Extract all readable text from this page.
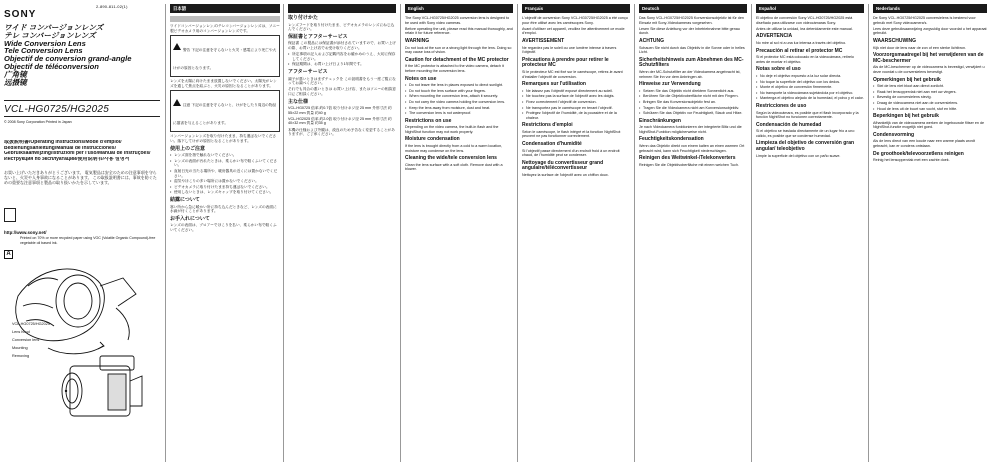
2-890-811-02(1)
SONY
ワイド コンバージョンレンズ
テレ コンバージョンレンズ
Wide Conversion Lens
Tele Conversion Lens
Objectif de conversion grand-angle
Objectif de téléconversion
广角镜
远摄镜
VCL-HG0725/HG2025
© 2008 Sony Corporation Printed in Japan
取扱説明書/Operating Instructions/Mode d'emploi/
Bedienungsanleitung/Manual de instrucciones/
Gebruiksaanwijzing/Istruzioni per l'uso/Manual de instruções/
Инструкция по эксплуатации/使用说明书/사용 설명서
お買い上げいただきありがとうございます。 電気製品は安全のための注意事項を守らないと、火災や人身事故になることがあります。 この取扱説明書には、事故を防ぐための重要な注意事項と製品の取り扱いかたを示しています。
http://www.sony.net/
Printed on 70% or more recycled paper using VOC (Volatile Organic Compound)-free vegetable oil based ink.
A
VCL-HG0725/HG2025
Lens hood
Conversion lens
Mounting
Removing
日本語

ワイドコンバージョンレンズ/テレコンバージョンレンズは、ソニー製ビデオカメラ用のコンバージョンレンズです。

警告 下記の注意を守らないと火災・感電により死亡や大けがの原因となります。

レンズを太陽に向けたまま放置しないでください。太陽光がレンズを通して焦点を結ぶと、火災の原因となることがあります。

注意 下記の注意を守らないと、けがをしたり周辺の物品に損害を与えることがあります。

コンバージョンレンズを取り付けたまま、持ち運ばないでください。落下してけがの原因となることがあります。

使用上のご注意
• レンズ面を指で触れないでください。
• レンズの表面が汚れたときは、柔らかい布で軽くふいてください。
• 直射日光の当たる場所や、暖房器具の近くには置かないでください。
• 湿気やほこりの多い場所には置かないでください。
• ビデオカメラに取り付けたまま持ち運ばないでください。
• 使用しないときは、レンズキャップを取り付けてください。
結露について

寒い所から急に暖かい所に持ち込んだときなど、レンズの表面に水滴が付くことがあります。

お手入れについて

レンズの表面は、ブロアーでほこりを払い、柔らかい布で軽くふいてください。

取り付けかた

レンズフードを取り付けたまま、ビデオカメラのレンズにねじ込んでください。

保証書とアフターサービス

保証書 この製品には保証書が添付されていますので、お買い上げの際、お買い上げ店でお受け取りください。

• 所定事項の記入および記載内容をお確かめのうえ、大切に保存してください。
• 保証期間は、お買い上げ日より1年間です。
アフターサービス

調子が悪いときはまずチェックを この説明書をもう一度ご覧になってお調べください。

それでも具合の悪いときは お買い上げ店、またはソニーの相談窓口にご相談ください。

主な仕様

VCL-HG0725 倍率 約0.7倍 取り付けネジ径 25 mm 外形寸法 約55×22 mm 質量 約40 g

VCL-HG2025 倍率 約2.0倍 取り付けネジ径 25 mm 外形寸法 約40×32 mm 質量 約35 g

本機の仕様および外観は、改良のため予告なく変更することがありますが、ご了承ください。

English

The Sony VCL-HG0725/HG2025 conversion lens is designed to be used with Sony video cameras.

Before operating the unit, please read this manual thoroughly, and retain it for future reference.

WARNING

Do not look at the sun or a strong light through the lens. Doing so may cause loss of vision.

Caution for detachment of the MC protector

If the MC protector is attached to the video camera, detach it before mounting the conversion lens.

Notes on use
• Do not leave the lens in places exposed to direct sunlight.
• Do not touch the lens surface with your fingers.
• When mounting the conversion lens, attach it securely.
• Do not carry the video camera holding the conversion lens.
• Keep the lens away from moisture, dust and heat.
• The conversion lens is not waterproof.
Restrictions on use

Depending on the video camera, the built-in flash and the NightShot function may not work properly.

Moisture condensation

If the lens is brought directly from a cold to a warm location, moisture may condense on the lens.

Cleaning the wide/tele conversion lens

Clean the lens surface with a soft cloth. Remove dust with a blower.

Français

L'objectif de conversion Sony VCL-HG0725/HG2025 a été conçu pour être utilisé avec les caméscopes Sony.

Avant d'utiliser cet appareil, veuillez lire attentivement ce mode d'emploi.

AVERTISSEMENT

Ne regardez pas le soleil ou une lumière intense à travers l'objectif.

Précautions à prendre pour retirer le protecteur MC

Si le protecteur MC est fixé sur le caméscope, retirez-le avant d'installer l'objectif de conversion.

Remarques sur l'utilisation
• Ne laissez pas l'objectif exposé directement au soleil.
• Ne touchez pas la surface de l'objectif avec les doigts.
• Fixez correctement l'objectif de conversion.
• Ne transportez pas le caméscope en tenant l'objectif.
• Protégez l'objectif de l'humidité, de la poussière et de la chaleur.
Restrictions d'emploi

Selon le caméscope, le flash intégré et la fonction NightShot peuvent ne pas fonctionner correctement.

Condensation d'humidité

Si l'objectif passe directement d'un endroit froid à un endroit chaud, de l'humidité peut se condenser.

Nettoyage du convertisseur grand angulaire/téléconvertisseur

Nettoyez la surface de l'objectif avec un chiffon doux.

Deutsch

Das Sony VCL-HG0725/HG2025 Konversionsobjektiv ist für den Einsatz mit Sony-Videokameras vorgesehen.

Lesen Sie diese Anleitung vor der Inbetriebnahme bitte genau durch.

ACHTUNG

Schauen Sie nicht durch das Objektiv in die Sonne oder in helles Licht.

Sicherheitshinweis zum Abnehmen des MC-Schutzfilters

Wenn der MC-Schutzfilter an der Videokamera angebracht ist, nehmen Sie ihn vor dem Anbringen ab.

Hinweise zur Verwendung
• Setzen Sie das Objektiv nicht direktem Sonnenlicht aus.
• Berühren Sie die Objektivoberfläche nicht mit den Fingern.
• Bringen Sie das Konversionsobjektiv fest an.
• Tragen Sie die Videokamera nicht am Konversionsobjektiv.
• Schützen Sie das Objektiv vor Feuchtigkeit, Staub und Hitze.
Einschränkungen

Je nach Videokamera funktionieren der integrierte Blitz und die NightShot-Funktion möglicherweise nicht.

Feuchtigkeitskondensation

Wenn das Objektiv direkt von einem kalten an einen warmen Ort gebracht wird, kann sich Feuchtigkeit niederschlagen.

Reinigen des Weitwinkel-/Telekonverters

Reinigen Sie die Objektivoberfläche mit einem weichen Tuch.

Español

El objetivo de conversión Sony VCL-HG0725/HG2025 está diseñado para utilizarse con videocámaras Sony.

Antes de utilizar la unidad, lea detenidamente este manual.

ADVERTENCIA

No mire al sol ni a una luz intensa a través del objetivo.

Precaución al retirar el protector MC

Si el protector MC está colocado en la videocámara, retírelo antes de montar el objetivo.

Notas sobre el uso
• No deje el objetivo expuesto a la luz solar directa.
• No toque la superficie del objetivo con los dedos.
• Monte el objetivo de conversión firmemente.
• No transporte la videocámara sujetándola por el objetivo.
• Mantenga el objetivo alejado de la humedad, el polvo y el calor.
Restricciones de uso

Según la videocámara, es posible que el flash incorporado y la función NightShot no funcionen correctamente.

Condensación de humedad

Si el objetivo se traslada directamente de un lugar frío a uno cálido, es posible que se condense humedad.

Limpieza del objetivo de conversión gran angular/ teleobjetivo

Limpie la superficie del objetivo con un paño suave.

Nederlands

De Sony VCL-HG0725/HG2025 conversielens is bestemd voor gebruik met Sony videocamera's.

Lees deze gebruiksaanwijzing zorgvuldig door voordat u het apparaat gebruikt.

WAARSCHUWING

Kijk niet door de lens naar de zon of een sterke lichtbron.

Voorzorgsmaatregel bij het verwijderen van de MC-beschermer

Als de MC-beschermer op de videocamera is bevestigd, verwijdert u deze voordat u de conversielens bevestigt.

Opmerkingen bij het gebruik
• Stel de lens niet bloot aan direct zonlicht.
• Raak het lensoppervlak niet aan met uw vingers.
• Bevestig de conversielens stevig.
• Draag de videocamera niet aan de conversielens.
• Houd de lens uit de buurt van vocht, stof en hitte.
Beperkingen bij het gebruik

Afhankelijk van de videocamera werken de ingebouwde flitser en de NightShot-functie mogelijk niet goed.

Condensvorming

Als de lens direct van een koude naar een warme plaats wordt gebracht, kan er condens ontstaan.

De groothoek/televoorzetlens reinigen

Reinig het lensoppervlak met een zachte doek.
